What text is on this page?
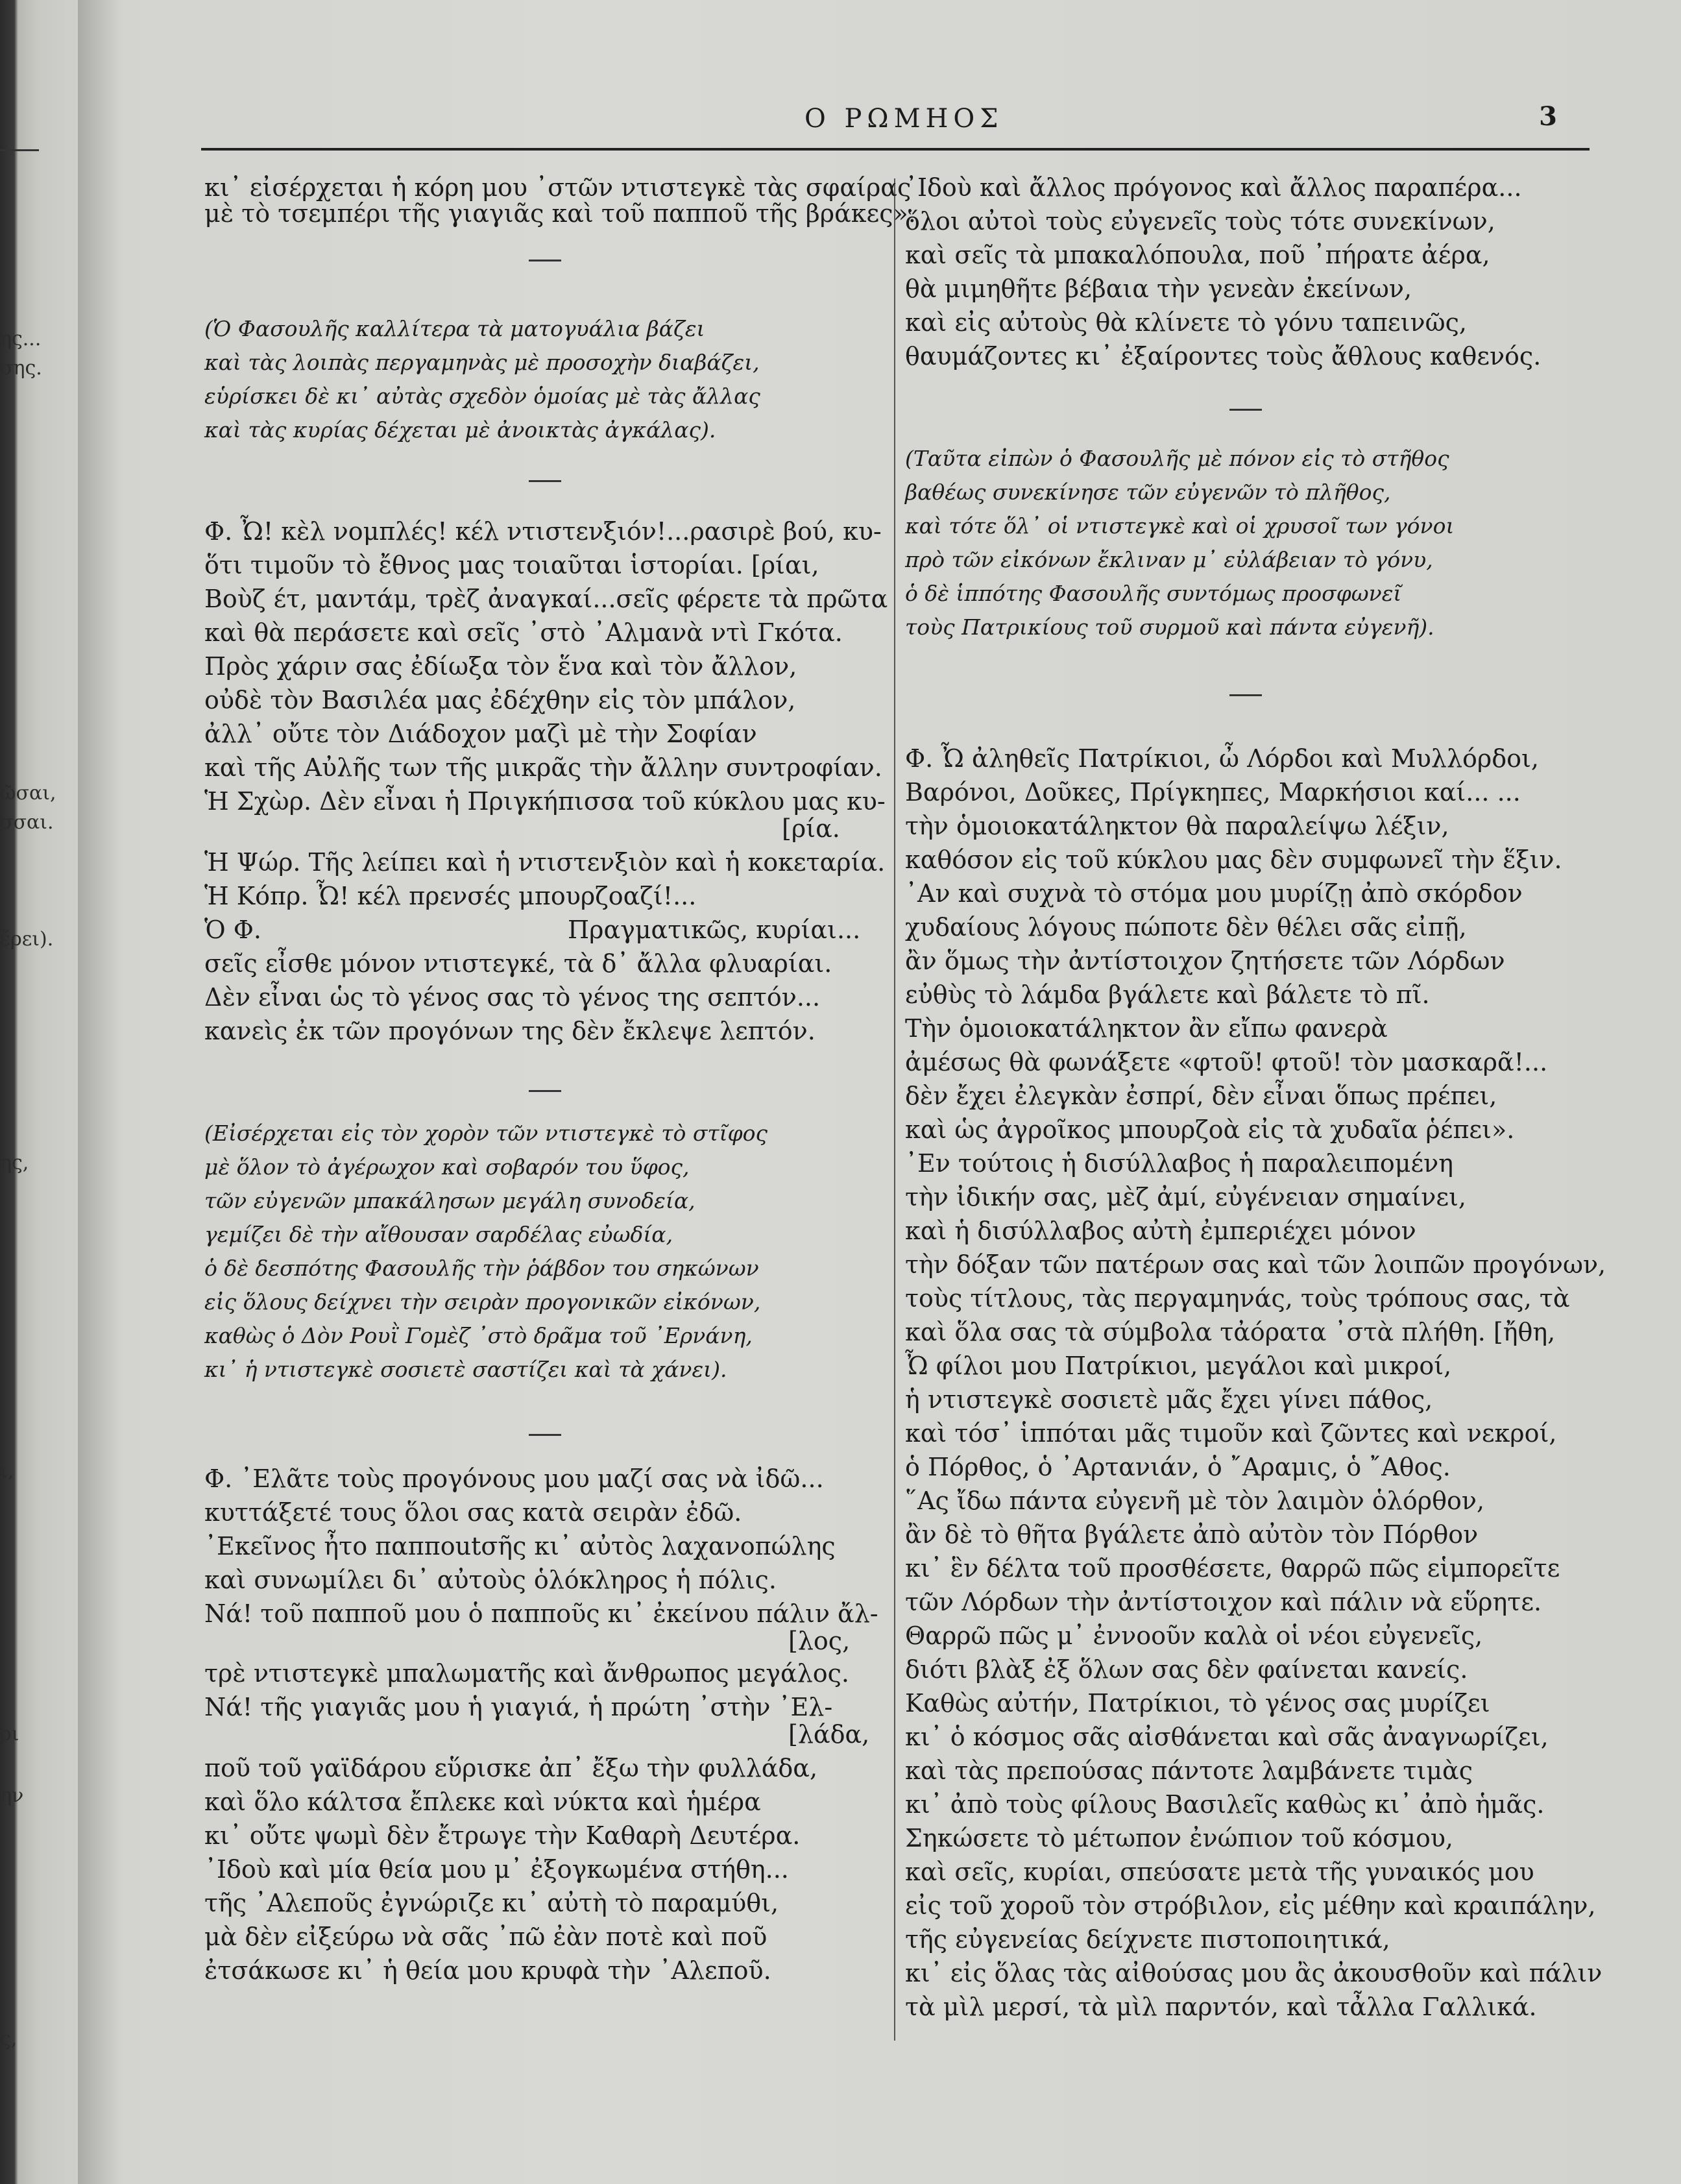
ης...
σης.
ῶσαι,
σσαι.
ἔρει).
ης,
ι,
ρι
ην
ς,
Ο ΡΩΜΗΟΣ	3
κι᾿ εἰσέρχεται ἡ κόρη μου ᾿στῶν ντιστεγκὲ τὰς σφαίρας
μὲ τὸ τσεμπέρι τῆς γιαγιᾶς καὶ τοῦ παπποῦ τῆς βράκες».
(Ὁ Φασουλῆς καλλίτερα τὰ ματογυάλια βάζει
καὶ τὰς λοιπὰς περγαμηνὰς μὲ προσοχὴν διαβάζει,
εὑρίσκει δὲ κι᾿ αὐτὰς σχεδὸν ὁμοίας μὲ τὰς ἄλλας
καὶ τὰς κυρίας δέχεται μὲ ἀνοικτὰς ἀγκάλας).
Φ. Ὦ! κὲλ νομπλές! κέλ ντιστενξιόν!...ρασιρὲ βού, κυ-
ὅτι τιμοῦν τὸ ἔθνος μας τοιαῦται ἱστορίαι. [ρίαι,
Βοὺζ έτ, μαντάμ, τρὲζ ἀναγκαί...σεῖς φέρετε τὰ πρῶτα
καὶ θὰ περάσετε καὶ σεῖς ᾿στὸ ᾿Αλμανὰ ντὶ Γκότα.
Πρὸς χάριν σας ἐδίωξα τὸν ἕνα καὶ τὸν ἄλλον,
οὐδὲ τὸν Βασιλέα μας ἐδέχθην εἰς τὸν μπάλον,
ἀλλ᾿ οὔτε τὸν Διάδοχον μαζὶ μὲ τὴν Σοφίαν
καὶ τῆς Αὐλῆς των τῆς μικρᾶς τὴν ἄλλην συντροφίαν.
Ἡ Σχὼρ. Δὲν εἶναι ἡ Πριγκήπισσα τοῦ κύκλου μας κυ-
[ρία.
Ἡ Ψώρ. Τῆς λείπει καὶ ἡ ντιστενξιὸν καὶ ἡ κοκεταρία.
Ἡ Κόπρ. Ὦ! κέλ πρενσές μπουρζοαζί!...
Ὁ Φ.	Πραγματικῶς, κυρίαι...
σεῖς εἶσθε μόνον ντιστεγκέ, τὰ δ᾿ ἄλλα φλυαρίαι.
Δὲν εἶναι ὡς τὸ γένος σας τὸ γένος της σεπτόν...
κανεὶς ἐκ τῶν προγόνων της δὲν ἔκλεψε λεπτόν.
(Εἰσέρχεται εἰς τὸν χορὸν τῶν ντιστεγκὲ τὸ στῖφος
μὲ ὅλον τὸ ἀγέρωχον καὶ σοβαρόν του ὕφος,
τῶν εὐγενῶν μπακάλησων μεγάλη συνοδεία,
γεμίζει δὲ τὴν αἴθουσαν σαρδέλας εὐωδία,
ὁ δὲ δεσπότης Φασουλῆς τὴν ῥάβδον του σηκώνων
εἰς ὅλους δείχνει τὴν σειρὰν προγονικῶν εἰκόνων,
καθὼς ὁ Δὸν Ρουῒ Γομὲζ ᾿στὸ δρᾶμα τοῦ ᾿Ερνάνη,
κι᾿ ἡ ντιστεγκὲ σοσιετὲ σαστίζει καὶ τὰ χάνει).
Φ. ᾿Ελᾶτε τοὺς προγόνους μου μαζί σας νὰ ἰδῶ...
κυττάξετέ τους ὅλοι σας κατὰ σειρὰν ἐδῶ.
᾿Εκεῖνος ἦτο παπποutσῆς κι᾿ αὐτὸς λαχανοπώλης
καὶ συνωμίλει δι᾿ αὐτοὺς ὁλόκληρος ἡ πόλις.
Νά! τοῦ παπποῦ μου ὁ παπποῦς κι᾿ ἐκείνου πάλιν ἄλ-
[λος,
τρὲ ντιστεγκὲ μπαλωματῆς καὶ ἄνθρωπος μεγάλος.
Νά! τῆς γιαγιᾶς μου ἡ γιαγιά, ἡ πρώτη ᾿στὴν ᾿Ελ-
[λάδα,
ποῦ τοῦ γαϊδάρου εὕρισκε ἀπ᾿ ἔξω τὴν φυλλάδα,
καὶ ὅλο κάλτσα ἔπλεκε καὶ νύκτα καὶ ἡμέρα
κι᾿ οὔτε ψωμὶ δὲν ἔτρωγε τὴν Καθαρὴ Δευτέρα.
᾿Ιδοὺ καὶ μία θεία μου μ᾿ ἐξογκωμένα στήθη...
τῆς ᾿Αλεποῦς ἐγνώριζε κι᾿ αὐτὴ τὸ παραμύθι,
μὰ δὲν εἰξεύρω νὰ σᾶς ᾿πῶ ἐὰν ποτὲ καὶ ποῦ
ἐτσάκωσε κι᾿ ἡ θεία μου κρυφὰ τὴν ᾿Αλεποῦ.
᾿Ιδοὺ καὶ ἄλλος πρόγονος καὶ ἄλλος παραπέρα...
ὅλοι αὐτοὶ τοὺς εὐγενεῖς τοὺς τότε συνεκίνων,
καὶ σεῖς τὰ μπακαλόπουλα, ποῦ ᾿πήρατε ἀέρα,
θὰ μιμηθῆτε βέβαια τὴν γενεὰν ἐκείνων,
καὶ εἰς αὐτοὺς θὰ κλίνετε τὸ γόνυ ταπεινῶς,
θαυμάζοντες κι᾿ ἐξαίροντες τοὺς ἄθλους καθενός.
(Ταῦτα εἰπὼν ὁ Φασουλῆς μὲ πόνον εἰς τὸ στῆθος
βαθέως συνεκίνησε τῶν εὐγενῶν τὸ πλῆθος,
καὶ τότε ὅλ᾿ οἱ ντιστεγκὲ καὶ οἱ χρυσοῖ των γόνοι
πρὸ τῶν εἰκόνων ἔκλιναν μ᾿ εὐλάβειαν τὸ γόνυ,
ὁ δὲ ἱππότης Φασουλῆς συντόμως προσφωνεῖ
τοὺς Πατρικίους τοῦ συρμοῦ καὶ πάντα εὐγενῆ).
Φ. Ὦ ἀληθεῖς Πατρίκιοι, ὦ Λόρδοι καὶ Μυλλόρδοι,
Βαρόνοι, Δοῦκες, Πρίγκηπες, Μαρκήσιοι καί... ...
τὴν ὁμοιοκατάληκτον θὰ παραλείψω λέξιν,
καθόσον εἰς τοῦ κύκλου μας δὲν συμφωνεῖ τὴν ἕξιν.
᾿Αν καὶ συχνὰ τὸ στόμα μου μυρίζῃ ἀπὸ σκόρδον
χυδαίους λόγους πώποτε δὲν θέλει σᾶς εἰπῇ,
ἂν ὅμως τὴν ἀντίστοιχον ζητήσετε τῶν Λόρδων
εὐθὺς τὸ λάμδα βγάλετε καὶ βάλετε τὸ πῖ.
Τὴν ὁμοιοκατάληκτον ἂν εἴπω φανερὰ
ἀμέσως θὰ φωνάξετε «φτοῦ! φτοῦ! τὸν μασκαρᾶ!...
δὲν ἔχει ἐλεγκὰν ἐσπρί, δὲν εἶναι ὅπως πρέπει,
καὶ ὡς ἀγροῖκος μπουρζοὰ εἰς τὰ χυδαῖα ῥέπει».
᾿Εν τούτοις ἡ δισύλλαβος ἡ παραλειπομένη
τὴν ἰδικήν σας, μὲζ ἀμί, εὐγένειαν σημαίνει,
καὶ ἡ δισύλλαβος αὐτὴ ἐμπεριέχει μόνον
τὴν δόξαν τῶν πατέρων σας καὶ τῶν λοιπῶν προγόνων,
τοὺς τίτλους, τὰς περγαμηνάς, τοὺς τρόπους σας, τὰ
καὶ ὅλα σας τὰ σύμβολα τἀόρατα ᾿στὰ πλήθη. [ἤθη,
Ὦ φίλοι μου Πατρίκιοι, μεγάλοι καὶ μικροί,
ἡ ντιστεγκὲ σοσιετὲ μᾶς ἔχει γίνει πάθος,
καὶ τόσ᾿ ἱππόται μᾶς τιμοῦν καὶ ζῶντες καὶ νεκροί,
ὁ Πόρθος, ὁ ᾿Αρτανιάν, ὁ ῎Αραμις, ὁ ῎Αθος.
῞Ας ἴδω πάντα εὐγενῆ μὲ τὸν λαιμὸν ὁλόρθον,
ἂν δὲ τὸ θῆτα βγάλετε ἀπὸ αὐτὸν τὸν Πόρθον
κι᾿ ἓν δέλτα τοῦ προσθέσετε, θαρρῶ πῶς εἱμπορεῖτε
τῶν Λόρδων τὴν ἀντίστοιχον καὶ πάλιν νὰ εὕρητε.
Θαρρῶ πῶς μ᾿ ἐννοοῦν καλὰ οἱ νέοι εὐγενεῖς,
διότι βλὰξ ἐξ ὅλων σας δὲν φαίνεται κανείς.
Καθὼς αὐτήν, Πατρίκιοι, τὸ γένος σας μυρίζει
κι᾿ ὁ κόσμος σᾶς αἰσθάνεται καὶ σᾶς ἀναγνωρίζει,
καὶ τὰς πρεπούσας πάντοτε λαμβάνετε τιμὰς
κι᾿ ἀπὸ τοὺς φίλους Βασιλεῖς καθὼς κι᾿ ἀπὸ ἡμᾶς.
Σηκώσετε τὸ μέτωπον ἐνώπιον τοῦ κόσμου,
καὶ σεῖς, κυρίαι, σπεύσατε μετὰ τῆς γυναικός μου
εἰς τοῦ χοροῦ τὸν στρόβιλον, εἰς μέθην καὶ κραιπάλην,
τῆς εὐγενείας δείχνετε πιστοποιητικά,
κι᾿ εἰς ὅλας τὰς αἰθούσας μου ἂς ἀκουσθοῦν καὶ πάλιν
τὰ μὶλ μερσί, τὰ μὶλ παρντόν, καὶ τἆλλα Γαλλικά.
